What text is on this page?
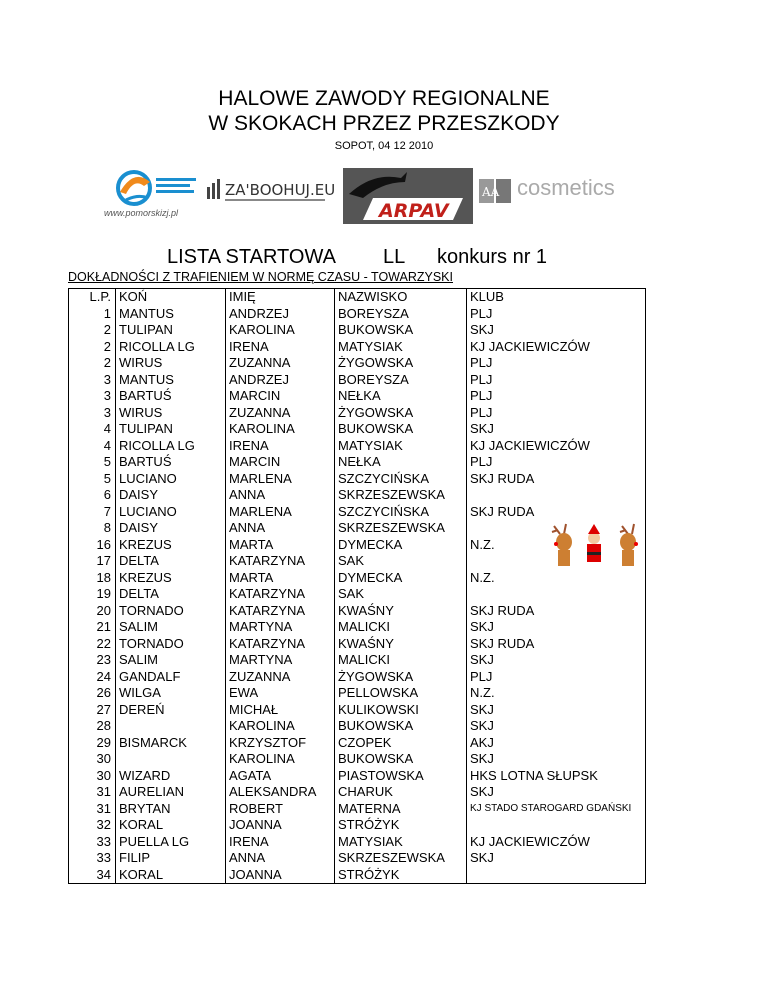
HALOWE ZAWODY REGIONALNE
W SKOKACH PRZEZ PRZESZKODY
SOPOT, 04 12 2010
www.pomorskizj.pl
ZA'BOOHUJ.EU
ARPAV
AA cosmetics
LISTA STARTOWA LL konkurs nr 1
DOKŁADNOŚCI Z TRAFIENIEM W NORMĘ CZASU - TOWARZYSKI
L.P.	KOŃ	IMIĘ	NAZWISKO	KLUB
1	MANTUS	ANDRZEJ	BOREYSZA	PLJ
2	TULIPAN	KAROLINA	BUKOWSKA	SKJ
2	RICOLLA LG	IRENA	MATYSIAK	KJ JACKIEWICZÓW
2	WIRUS	ZUZANNA	ŻYGOWSKA	PLJ
3	MANTUS	ANDRZEJ	BOREYSZA	PLJ
3	BARTUŚ	MARCIN	NEŁKA	PLJ
3	WIRUS	ZUZANNA	ŻYGOWSKA	PLJ
4	TULIPAN	KAROLINA	BUKOWSKA	SKJ
4	RICOLLA LG	IRENA	MATYSIAK	KJ JACKIEWICZÓW
5	BARTUŚ	MARCIN	NEŁKA	PLJ
5	LUCIANO	MARLENA	SZCZYCIŃSKA	SKJ RUDA
6	DAISY	ANNA	SKRZESZEWSKA	
7	LUCIANO	MARLENA	SZCZYCIŃSKA	SKJ RUDA
8	DAISY	ANNA	SKRZESZEWSKA	
16	KREZUS	MARTA	DYMECKA	N.Z.
17	DELTA	KATARZYNA	SAK	
18	KREZUS	MARTA	DYMECKA	N.Z.
19	DELTA	KATARZYNA	SAK	
20	TORNADO	KATARZYNA	KWAŚNY	SKJ RUDA
21	SALIM	MARTYNA	MALICKI	SKJ
22	TORNADO	KATARZYNA	KWAŚNY	SKJ RUDA
23	SALIM	MARTYNA	MALICKI	SKJ
24	GANDALF	ZUZANNA	ŻYGOWSKA	PLJ
26	WILGA	EWA	PELLOWSKA	N.Z.
27	DEREŃ	MICHAŁ	KULIKOWSKI	SKJ
28		KAROLINA	BUKOWSKA	SKJ
29	BISMARCK	KRZYSZTOF	CZOPEK	AKJ
30		KAROLINA	BUKOWSKA	SKJ
30	WIZARD	AGATA	PIASTOWSKA	HKS LOTNA SŁUPSK
31	AURELIAN	ALEKSANDRA	CHARUK	SKJ
31	BRYTAN	ROBERT	MATERNA	KJ STADO STAROGARD GDAŃSKI
32	KORAL	JOANNA	STRÓŻYK	
33	PUELLA LG	IRENA	MATYSIAK	KJ JACKIEWICZÓW
33	FILIP	ANNA	SKRZESZEWSKA	SKJ
34	KORAL	JOANNA	STRÓŻYK	
